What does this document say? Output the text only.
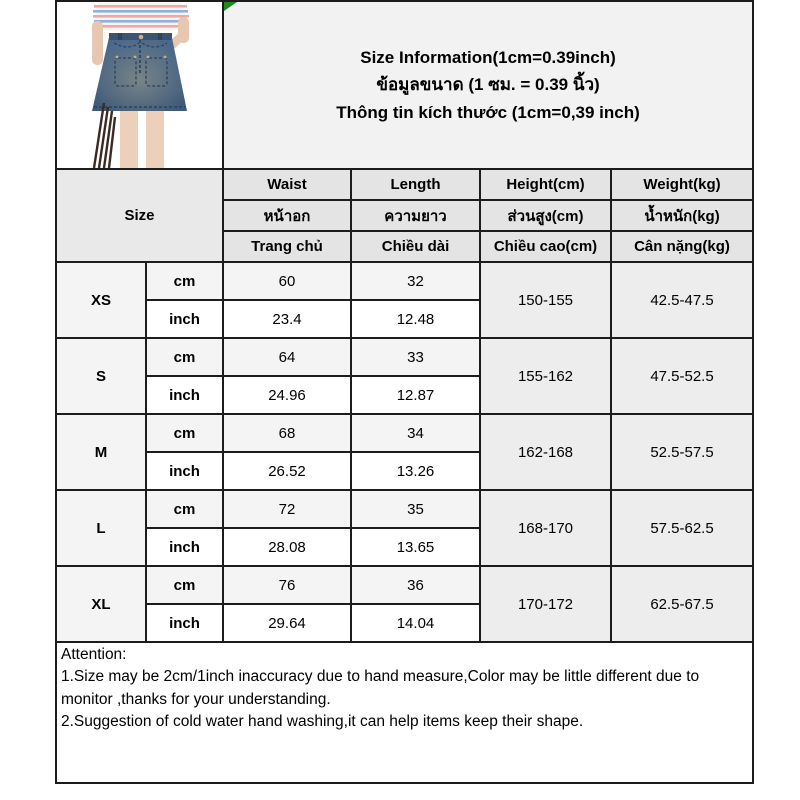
Size Information(1cm=0.39inch)
ข้อมูลขนาด (1 ซม. = 0.39 นิ้ว)
Thông tin kích thước (1cm=0,39 inch)			

Size		Waist	Length	Height(cm)	Weight(kg)
		หน้าอก	ความยาว	ส่วนสูง(cm)	น้ำหนัก(kg)
		Trang chủ	Chiều dài	Chiều cao(cm)	Cân nặng(kg)
XS	cm	60	32	150-155	42.5-47.5
	inch	23.4	12.48		
S	cm	64	33	155-162	47.5-52.5
	inch	24.96	12.87		
M	cm	68	34	162-168	52.5-57.5
	inch	26.52	13.26		
L	cm	72	35	168-170	57.5-62.5
	inch	28.08	13.65		
XL	cm	76	36	170-172	62.5-67.5
	inch	29.64	14.04		

Attention:
1.Size may be 2cm/1inch inaccuracy due to hand measure,Color may be little different due to monitor ,thanks for your understanding.
2.Suggestion of cold water hand washing,it can help items keep their shape.					
